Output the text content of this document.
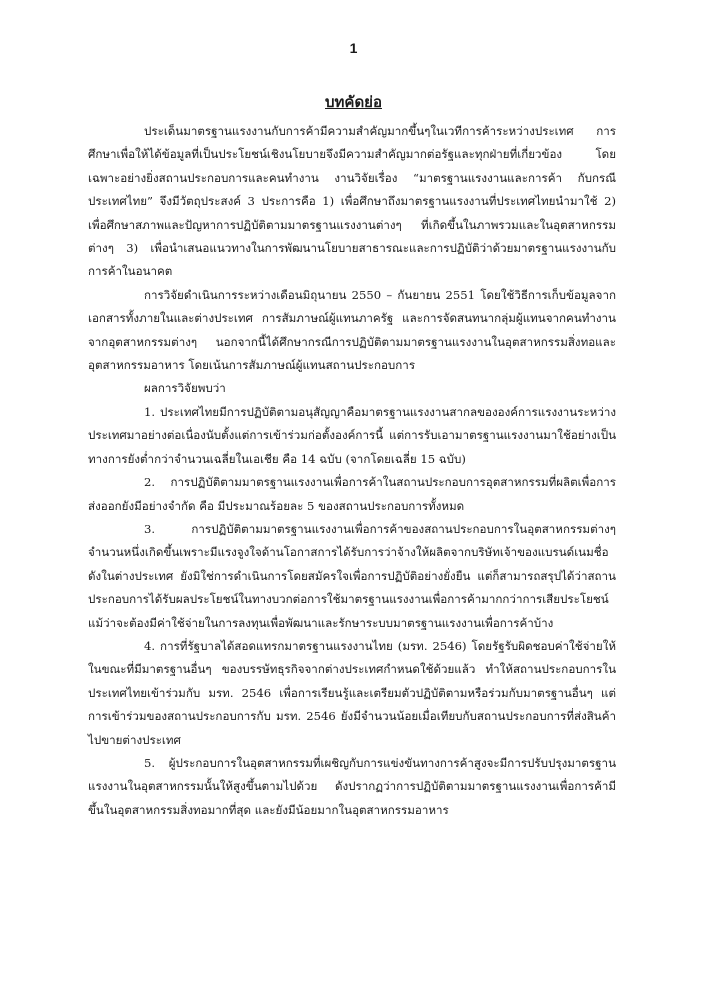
1
บทคัดย่อ

ประเด็นมาตรฐานแรงงานกับการค้ามีความสำคัญมากขึ้นๆในเวทีการค้าระหว่างประเทศ การศึกษาเพื่อให้ได้ข้อมูลที่เป็นประโยชน์เชิงนโยบายจึงมีความสำคัญมากต่อรัฐและทุกฝ่ายที่เกี่ยวข้อง โดยเฉพาะอย่างยิ่งสถานประกอบการและคนทำงาน งานวิจัยเรื่อง “มาตรฐานแรงงานและการค้า กับกรณีประเทศไทย” จึงมีวัตถุประสงค์ 3 ประการคือ 1) เพื่อศึกษาถึงมาตรฐานแรงงานที่ประเทศไทยนำมาใช้ 2) เพื่อศึกษาสภาพและปัญหาการปฏิบัติตามมาตรฐานแรงงานต่างๆ ที่เกิดขึ้นในภาพรวมและในอุตสาหกรรมต่างๆ 3) เพื่อนำเสนอแนวทางในการพัฒนานโยบายสาธารณะและการปฏิบัติว่าด้วยมาตรฐานแรงงานกับการค้าในอนาคต

การวิจัยดำเนินการระหว่างเดือนมิถุนายน 2550 – กันยายน 2551 โดยใช้วิธีการเก็บข้อมูลจากเอกสารทั้งภายในและต่างประเทศ การสัมภาษณ์ผู้แทนภาครัฐ และการจัดสนทนากลุ่มผู้แทนจากคนทำงานจากอุตสาหกรรมต่างๆ นอกจากนี้ได้ศึกษากรณีการปฏิบัติตามมาตรฐานแรงงานในอุตสาหกรรมสิ่งทอและอุตสาหกรรมอาหาร โดยเน้นการสัมภาษณ์ผู้แทนสถานประกอบการ

ผลการวิจัยพบว่า

1. ประเทศไทยมีการปฏิบัติตามอนุสัญญาคือมาตรฐานแรงงานสากลขององค์การแรงงานระหว่างประเทศมาอย่างต่อเนื่องนับตั้งแต่การเข้าร่วมก่อตั้งองค์การนี้ แต่การรับเอามาตรฐานแรงงานมาใช้อย่างเป็นทางการยังต่ำกว่าจำนวนเฉลี่ยในเอเชีย คือ 14 ฉบับ (จากโดยเฉลี่ย 15 ฉบับ)

2. การปฏิบัติตามมาตรฐานแรงงานเพื่อการค้าในสถานประกอบการอุตสาหกรรมที่ผลิตเพื่อการส่งออกยังมีอย่างจำกัด คือ มีประมาณร้อยละ 5 ของสถานประกอบการทั้งหมด

3. การปฏิบัติตามมาตรฐานแรงงานเพื่อการค้าของสถานประกอบการในอุตสาหกรรมต่างๆ จำนวนหนึ่งเกิดขึ้นเพราะมีแรงจูงใจด้านโอกาสการได้รับการว่าจ้างให้ผลิตจากบริษัทเจ้าของแบรนด์เนมชื่อดังในต่างประเทศ ยังมิใช่การดำเนินการโดยสมัครใจเพื่อการปฏิบัติอย่างยั่งยืน แต่ก็สามารถสรุปได้ว่าสถานประกอบการได้รับผลประโยชน์ในทางบวกต่อการใช้มาตรฐานแรงงานเพื่อการค้ามากกว่าการเสียประโยชน์ แม้ว่าจะต้องมีค่าใช้จ่ายในการลงทุนเพื่อพัฒนาและรักษาระบบมาตรฐานแรงงานเพื่อการค้าบ้าง

4. การที่รัฐบาลได้สอดแทรกมาตรฐานแรงงานไทย (มรท. 2546) โดยรัฐรับผิดชอบค่าใช้จ่ายให้ในขณะที่มีมาตรฐานอื่นๆ ของบรรษัทธุรกิจจากต่างประเทศกำหนดใช้ด้วยแล้ว ทำให้สถานประกอบการในประเทศไทยเข้าร่วมกับ มรท. 2546 เพื่อการเรียนรู้และเตรียมตัวปฏิบัติตามหรือร่วมกับมาตรฐานอื่นๆ แต่การเข้าร่วมของสถานประกอบการกับ มรท. 2546 ยังมีจำนวนน้อยเมื่อเทียบกับสถานประกอบการที่ส่งสินค้าไปขายต่างประเทศ

5. ผู้ประกอบการในอุตสาหกรรมที่เผชิญกับการแข่งขันทางการค้าสูงจะมีการปรับปรุงมาตรฐานแรงงานในอุตสาหกรรมนั้นให้สูงขึ้นตามไปด้วย ดังปรากฏว่าการปฏิบัติตามมาตรฐานแรงงานเพื่อการค้ามีขึ้นในอุตสาหกรรมสิ่งทอมากที่สุด และยังมีน้อยมากในอุตสาหกรรมอาหาร
